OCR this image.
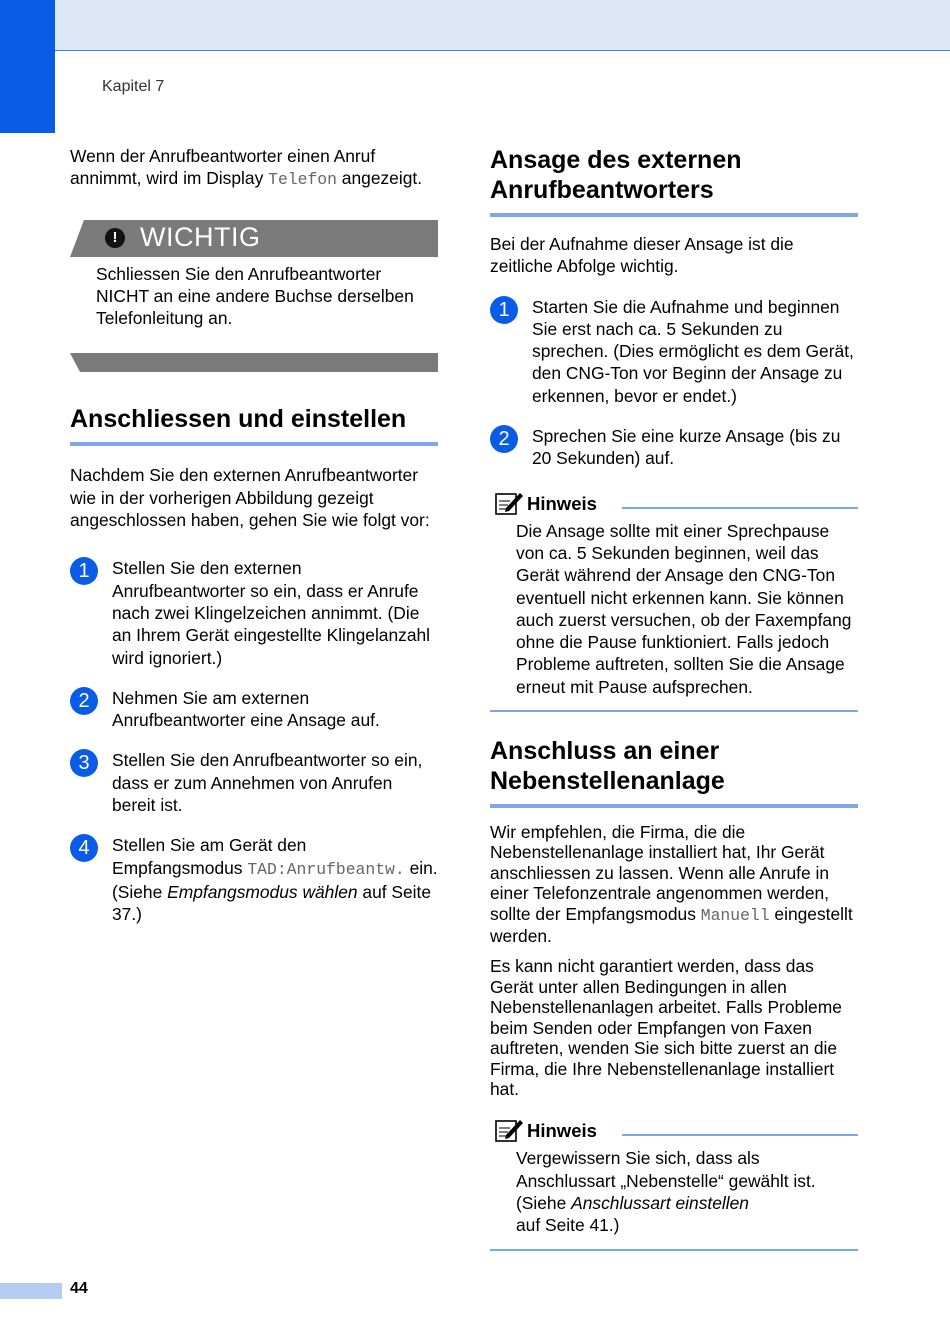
Kapitel 7

Wenn der Anrufbeantworter einen Anruf annimmt, wird im Display Telefon angezeigt.

! WICHTIG

Schliessen Sie den Anrufbeantworter NICHT an eine andere Buchse derselben Telefonleitung an.

Anschliessen und einstellen

Nachdem Sie den externen Anrufbeantworter wie in der vorherigen Abbildung gezeigt angeschlossen haben, gehen Sie wie folgt vor:

1	Stellen Sie den externen Anrufbeantworter so ein, dass er Anrufe nach zwei Klingelzeichen annimmt. (Die an Ihrem Gerät eingestellte Klingelanzahl wird ignoriert.)

2	Nehmen Sie am externen Anrufbeantworter eine Ansage auf.

3	Stellen Sie den Anrufbeantworter so ein, dass er zum Annehmen von Anrufen bereit ist.

4	Stellen Sie am Gerät den Empfangsmodus TAD:Anrufbeantw. ein. (Siehe Empfangsmodus wählen auf Seite 37.)

Ansage des externen Anrufbeantworters

Bei der Aufnahme dieser Ansage ist die zeitliche Abfolge wichtig.

1	Starten Sie die Aufnahme und beginnen Sie erst nach ca. 5 Sekunden zu sprechen. (Dies ermöglicht es dem Gerät, den CNG-Ton vor Beginn der Ansage zu erkennen, bevor er endet.)

2	Sprechen Sie eine kurze Ansage (bis zu 20 Sekunden) auf.

Hinweis

Die Ansage sollte mit einer Sprechpause von ca. 5 Sekunden beginnen, weil das Gerät während der Ansage den CNG-Ton eventuell nicht erkennen kann. Sie können auch zuerst versuchen, ob der Faxempfang ohne die Pause funktioniert. Falls jedoch Probleme auftreten, sollten Sie die Ansage erneut mit Pause aufsprechen.

Anschluss an einer Nebenstellenanlage

Wir empfehlen, die Firma, die die Nebenstellenanlage installiert hat, Ihr Gerät anschliessen zu lassen. Wenn alle Anrufe in einer Telefonzentrale angenommen werden, sollte der Empfangsmodus Manuell eingestellt werden.

Es kann nicht garantiert werden, dass das Gerät unter allen Bedingungen in allen Nebenstellenanlagen arbeitet. Falls Probleme beim Senden oder Empfangen von Faxen auftreten, wenden Sie sich bitte zuerst an die Firma, die Ihre Nebenstellenanlage installiert hat.

Hinweis

Vergewissern Sie sich, dass als Anschlussart „Nebenstelle“ gewählt ist. (Siehe Anschlussart einstellen
auf Seite 41.)

44
